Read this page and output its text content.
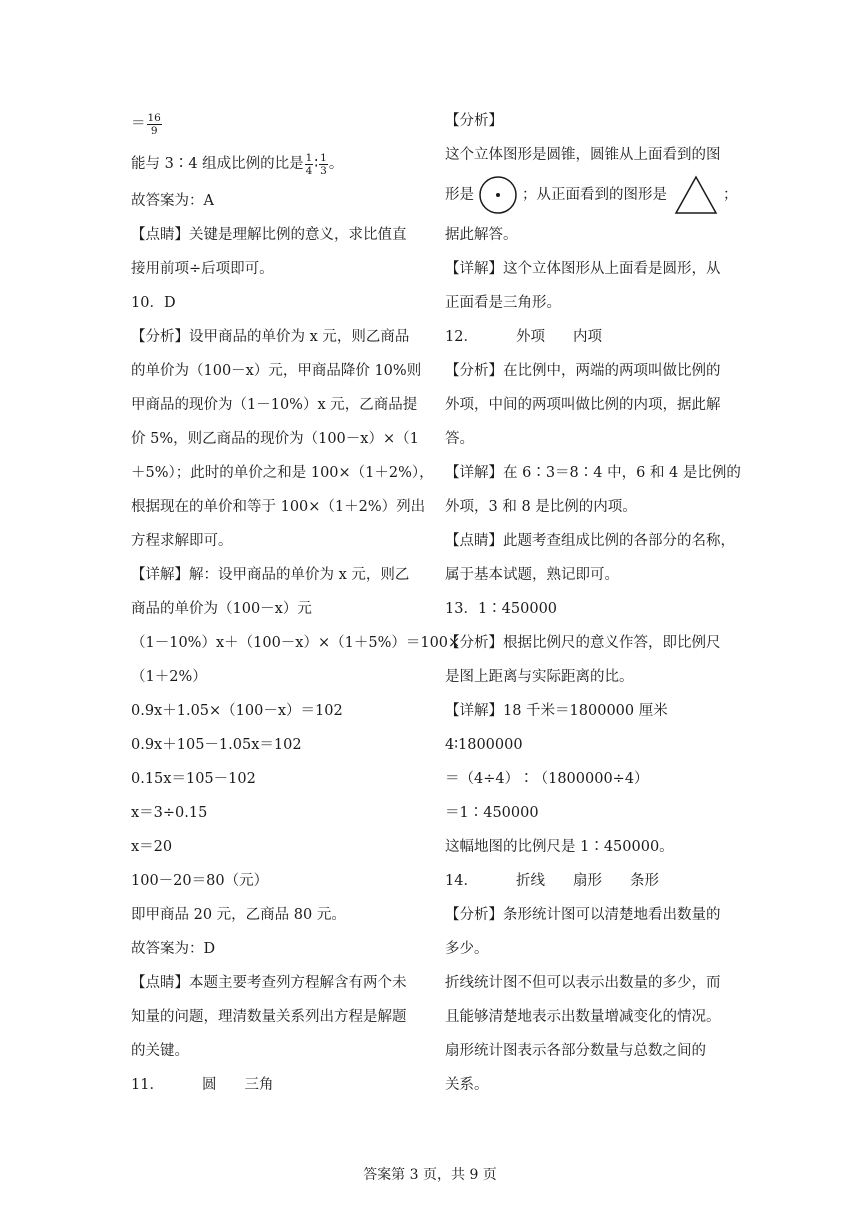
＝ $\frac{16}{9}$
能与 3∶4 组成比例的比是 $\frac{1}{4}$ ∶ $\frac{1}{3}$ 。
故答案为：A
【点睛】关键是理解比例的意义，求比值直
接用前项÷后项即可。
10．D
【分析】设甲商品的单价为 x 元，则乙商品
的单价为（100－x）元，甲商品降价 10%则
甲商品的现价为（1－10%）x 元，乙商品提
价 5%，则乙商品的现价为（100－x）×（1
＋5%）；此时的单价之和是 100×（1＋2%），
根据现在的单价和等于 100×（1＋2%）列出
方程求解即可。
【详解】解：设甲商品的单价为 x 元，则乙
商品的单价为（100－x）元
（1－10%）x＋（100－x）×（1＋5%）＝100×
（1＋2%）
0.9x＋1.05×（100－x）＝102
0.9x＋105－1.05x＝102
0.15x＝105－102
x＝3÷0.15
x＝20
100－20＝80（元）
即甲商品 20 元，乙商品 80 元。
故答案为：D
【点睛】本题主要考查列方程解含有两个未
知量的问题，理清数量关系列出方程是解题
的关键。
11．	圆 三角
【分析】
这个立体图形是圆锥，圆锥从上面看到的图
形是	；从正面看到的图形是	；
据此解答。
【详解】这个立体图形从上面看是圆形，从
正面看是三角形。
12．	外项 内项
【分析】在比例中，两端的两项叫做比例的
外项，中间的两项叫做比例的内项，据此解
答。
【详解】在 6∶3＝8∶4 中，6 和 4 是比例的
外项，3 和 8 是比例的内项。
【点睛】此题考查组成比例的各部分的名称，
属于基本试题，熟记即可。
13．1∶450000
【分析】根据比例尺的意义作答，即比例尺
是图上距离与实际距离的比。
【详解】18 千米＝1800000 厘米
4∶1800000
＝（4÷4）∶（1800000÷4）
＝1∶450000
这幅地图的比例尺是 1∶450000。
14．	折线 扇形 条形
【分析】条形统计图可以清楚地看出数量的
多少。
折线统计图不但可以表示出数量的多少，而
且能够清楚地表示出数量增减变化的情况。
扇形统计图表示各部分数量与总数之间的
关系。
答案第 3 页，共 9 页
